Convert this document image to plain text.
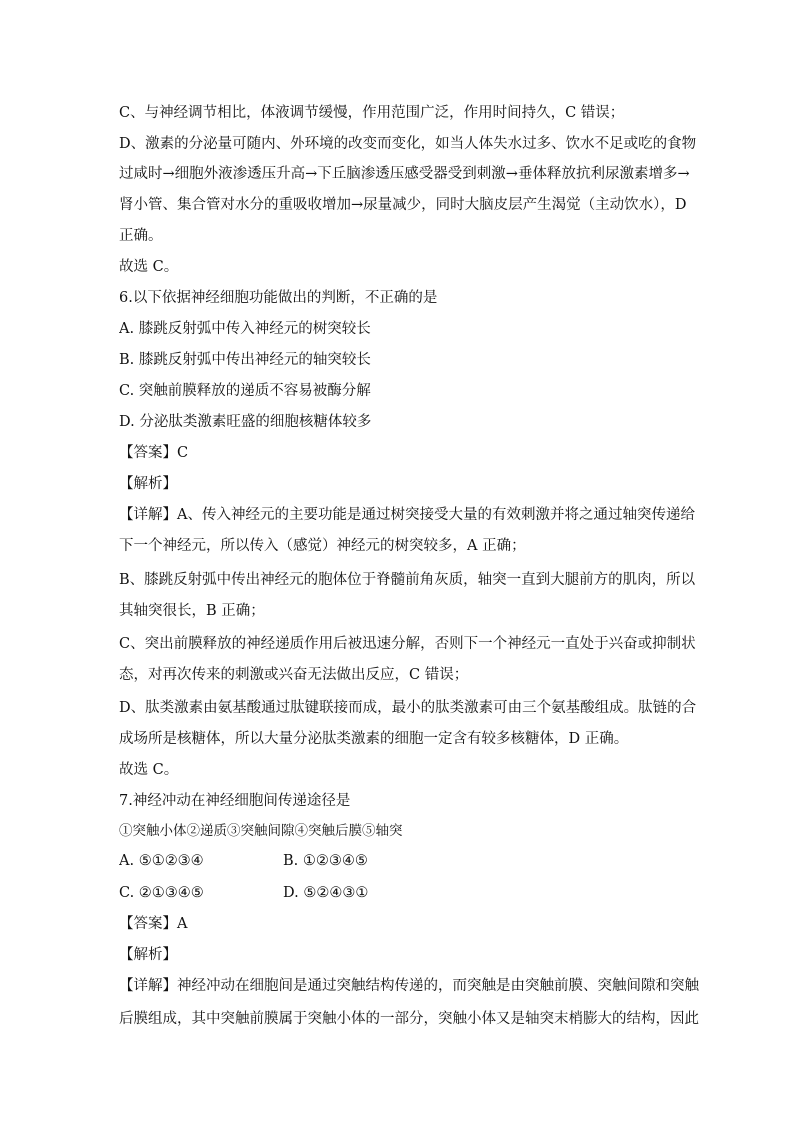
C、与神经调节相比，体液调节缓慢，作用范围广泛，作用时间持久，C 错误；
D、激素的分泌量可随内、外环境的改变而变化，如当人体失水过多、饮水不足或吃的食物
过咸时→细胞外液渗透压升高→下丘脑渗透压感受器受到刺激→垂体释放抗利尿激素增多→
肾小管、集合管对水分的重吸收增加→尿量减少，同时大脑皮层产生渴觉（主动饮水），D
正确。
故选 C。
6.以下依据神经细胞功能做出的判断，不正确的是
A. 膝跳反射弧中传入神经元的树突较长
B. 膝跳反射弧中传出神经元的轴突较长
C. 突触前膜释放的递质不容易被酶分解
D. 分泌肽类激素旺盛的细胞核糖体较多
【答案】C
【解析】
【详解】A、传入神经元的主要功能是通过树突接受大量的有效刺激并将之通过轴突传递给
下一个神经元，所以传入（感觉）神经元的树突较多，A 正确；
B、膝跳反射弧中传出神经元的胞体位于脊髓前角灰质，轴突一直到大腿前方的肌肉，所以
其轴突很长，B 正确；
C、突出前膜释放的神经递质作用后被迅速分解，否则下一个神经元一直处于兴奋或抑制状
态，对再次传来的刺激或兴奋无法做出反应，C 错误；
D、肽类激素由氨基酸通过肽键联接而成，最小的肽类激素可由三个氨基酸组成。肽链的合
成场所是核糖体，所以大量分泌肽类激素的细胞一定含有较多核糖体，D 正确。
故选 C。
7.神经冲动在神经细胞间传递途径是
①突触小体②递质③突触间隙④突触后膜⑤轴突
A. ⑤①②③④	B. ①②③④⑤
C. ②①③④⑤	D. ⑤②④③①
【答案】A
【解析】
【详解】神经冲动在细胞间是通过突触结构传递的，而突触是由突触前膜、突触间隙和突触
后膜组成，其中突触前膜属于突触小体的一部分，突触小体又是轴突末梢膨大的结构，因此
